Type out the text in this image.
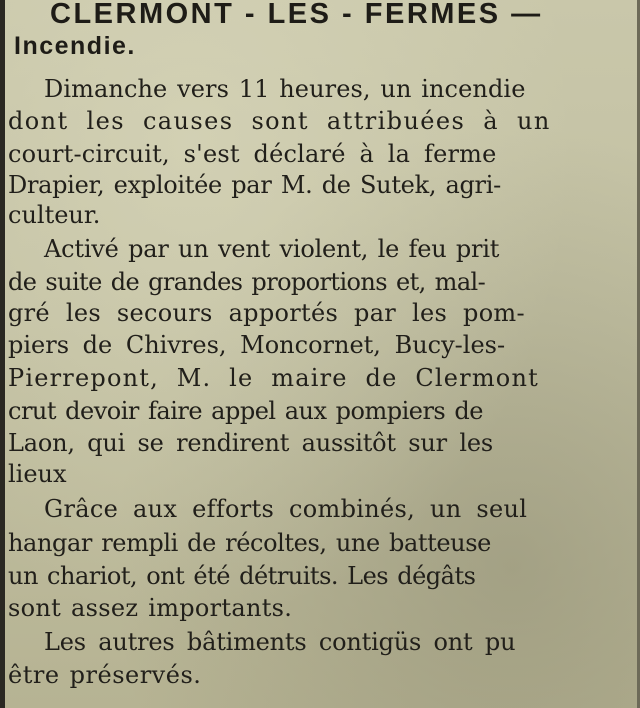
CLERMONT - LES - FERMES —
Incendie.
Dimanche vers 11 heures, un incendie
dont les causes sont attribuées à un
court-circuit, s'est déclaré à la ferme
Drapier, exploitée par M. de Sutek, agri-
culteur.
Activé par un vent violent, le feu prit
de suite de grandes proportions et, mal-
gré les secours apportés par les pom-
piers de Chivres, Moncornet, Bucy-les-
Pierrepont, M. le maire de Clermont
crut devoir faire appel aux pompiers de
Laon, qui se rendirent aussitôt sur les
lieux
Grâce aux efforts combinés, un seul
hangar rempli de récoltes, une batteuse
un chariot, ont été détruits. Les dégâts
sont assez importants.
Les autres bâtiments contigüs ont pu
être préservés.
